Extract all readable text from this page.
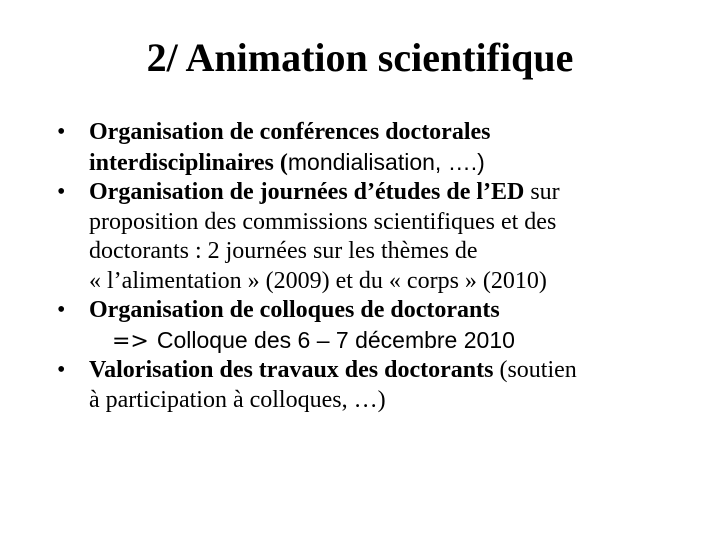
2/ Animation scientifique
• Organisation de conférences doctorales
interdisciplinaires (mondialisation, ….)
• Organisation de journées d’études de l’ED sur
proposition des commissions scientifiques et des
doctorants : 2 journées sur les thèmes de
« l’alimentation » (2009) et du « corps » (2010)
• Organisation de colloques de doctorants
=> Colloque des 6 – 7 décembre 2010
• Valorisation des travaux des doctorants (soutien
à participation à colloques, …)
